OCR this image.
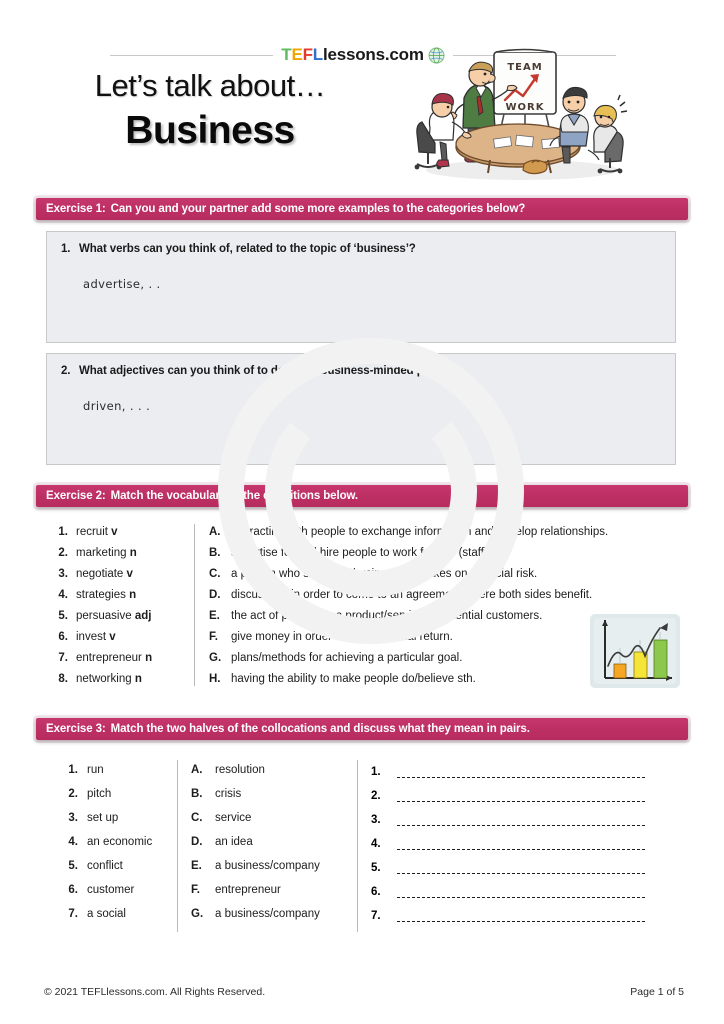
T E F L lessons.com
Let’s talk about…
Business
TEAM
WORK
Exercise 1: Can you and your partner add some more examples to the categories below?
1. What verbs can you think of, related to the topic of ‘business’?
advertise, . .
2. What adjectives can you think of to describe business-minded people?
driven, . . .
Exercise 2: Match the vocabulary to the definitions below.
1. recruit v
2. marketing n
3. negotiate v
4. strategies n
5. persuasive adj
6. invest v
7. entrepreneur n
8. networking n
A. interacting with people to exchange information and develop relationships.
B. advertise for and hire people to work for you (staff).
C. a person who sets up a business and takes on financial risk.
D. discuss sth in order to come to an agreement where both sides benefit.
E. the act of promoting a product/service to potential customers.
F.	give money in order to earn financial return.
G. plans/methods for achieving a particular goal.
H. having the ability to make people do/believe sth.
Exercise 3: Match the two halves of the collocations and discuss what they mean in pairs.
1. run
2. pitch
3. set up
4. an economic
5. conflict
6. customer
7. a social
A.	resolution
B.	crisis
C.	service
D.	an idea
E.	a business/company
F.	entrepreneur
G.	a business/company
1.
2.
3.
4.
5.
6.
7.
© 2021 TEFLlessons.com. All Rights Reserved.	Page 1 of 5
